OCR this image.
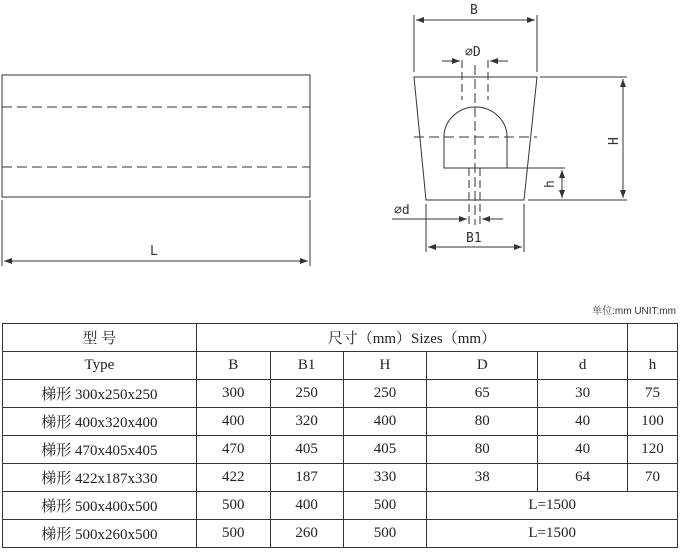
L
B
⌀D
H
h
⌀d
B1
单位:mm UNIT:mm
型 号	尺寸（mm）Sizes（mm）					
Type	B	B1	H	D	d	h
梯形 300x250x250	300	250	250	65	30	75
梯形 400x320x400	400	320	400	80	40	100
梯形 470x405x405	470	405	405	80	40	120
梯形 422x187x330	422	187	330	38	64	70
梯形 500x400x500	500	400	500	L=1500		
梯形 500x260x500	500	260	500	L=1500		
